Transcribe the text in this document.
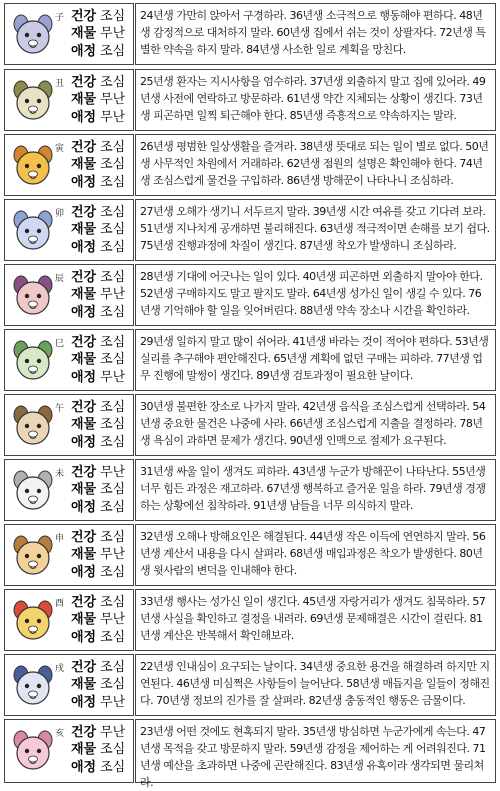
子 건강 조심
재물 무난
애정 조심
24년생 가만히 앉아서 구경하라. 36년생 소극적으로 행동해야 편하다. 48년생 감정적으로 대처하지 말라. 60년생 집에서 쉬는 것이 상팔자다. 72년생 특별한 약속을 하지 말라. 84년생 사소한 일로 계획을 망친다.
丑 건강 조심
재물 무난
애정 무난
25년생 환자는 지시사항을 엄수하라. 37년생 외출하지 말고 집에 있어라. 49년생 사전에 연락하고 방문하라. 61년생 약간 지체되는 상황이 생긴다. 73년생 피곤하면 일찍 퇴근해야 한다. 85년생 즉흥적으로 약속하지는 말라.
寅 건강 조심
재물 조심
애정 조심
26년생 평범한 일상생활을 즐겨라. 38년생 뜻대로 되는 일이 별로 없다. 50년생 사무적인 차원에서 거래하라. 62년생 점원의 설명은 확인해야 한다. 74년생 조심스럽게 물건을 구입하라. 86년생 방해꾼이 나타나니 조심하라.
卯 건강 조심
재물 조심
애정 조심
27년생 오해가 생기니 서두르지 말라. 39년생 시간 여유를 갖고 기다려 보라. 51년생 지나치게 공개하면 불리해진다. 63년생 적극적이면 손해를 보기 쉽다. 75년생 진행과정에 차질이 생긴다. 87년생 착오가 발생하니 조심하라.
辰 건강 조심
재물 무난
애정 조심
28년생 기대에 어긋나는 일이 있다. 40년생 피곤하면 외출하지 말아야 한다. 52년생 구매하지도 말고 팔지도 말라. 64년생 성가신 일이 생길 수 있다. 76년생 기억해야 할 일을 잊어버린다. 88년생 약속 장소나 시간을 확인하라.
巳 건강 조심
재물 조심
애정 무난
29년생 일하지 말고 많이 쉬어라. 41년생 바라는 것이 적어야 편하다. 53년생 실리를 추구해야 편안해진다. 65년생 계획에 없던 구매는 피하라. 77년생 업무 진행에 말썽이 생긴다. 89년생 검토과정이 필요한 날이다.
午 건강 조심
재물 조심
애정 조심
30년생 불편한 장소로 나가지 말라. 42년생 음식을 조심스럽게 선택하라. 54년생 중요한 물건은 나중에 사라. 66년생 조심스럽게 지출을 결정하라. 78년생 욕심이 과하면 문제가 생긴다. 90년생 인맥으로 절제가 요구된다.
未 건강 무난
재물 조심
애정 조심
31년생 싸울 일이 생겨도 피하라. 43년생 누군가 방해꾼이 나타난다. 55년생 너무 힘든 과정은 재고하라. 67년생 행복하고 즐거운 일을 하라. 79년생 경쟁하는 상황에선 침착하라. 91년생 남들을 너무 의식하지 말라.
申 건강 조심
재물 무난
애정 조심
32년생 오해나 방해요인은 해결된다. 44년생 작은 이득에 연연하지 말라. 56년생 계산서 내용을 다시 살펴라. 68년생 매입과정은 착오가 발생한다. 80년생 윗사람의 변덕을 인내해야 한다.
酉 건강 조심
재물 무난
애정 조심
33년생 행사는 성가신 일이 생긴다. 45년생 자랑거리가 생겨도 침묵하라. 57년생 사실을 확인하고 결정을 내려라. 69년생 문제해결은 시간이 걸린다. 81년생 계산은 반복해서 확인해보라.
戌 건강 조심
재물 조심
애정 무난
22년생 인내심이 요구되는 날이다. 34년생 중요한 용건을 해결하려 하지만 지연된다. 46년생 미심쩍은 사항들이 늘어난다. 58년생 매듭지을 일들이 정해진다. 70년생 정보의 진가를 잘 살펴라. 82년생 충동적인 행동은 금물이다.
亥 건강 무난
재물 조심
애정 조심
23년생 어떤 것에도 현혹되지 말라. 35년생 방심하면 누군가에게 속는다. 47년생 목적을 갖고 방문하지 말라. 59년생 감정을 제어하는 게 어려워진다. 71년생 예산을 초과하면 나중에 곤란해진다. 83년생 유혹이라 생각되면 물리쳐라.
